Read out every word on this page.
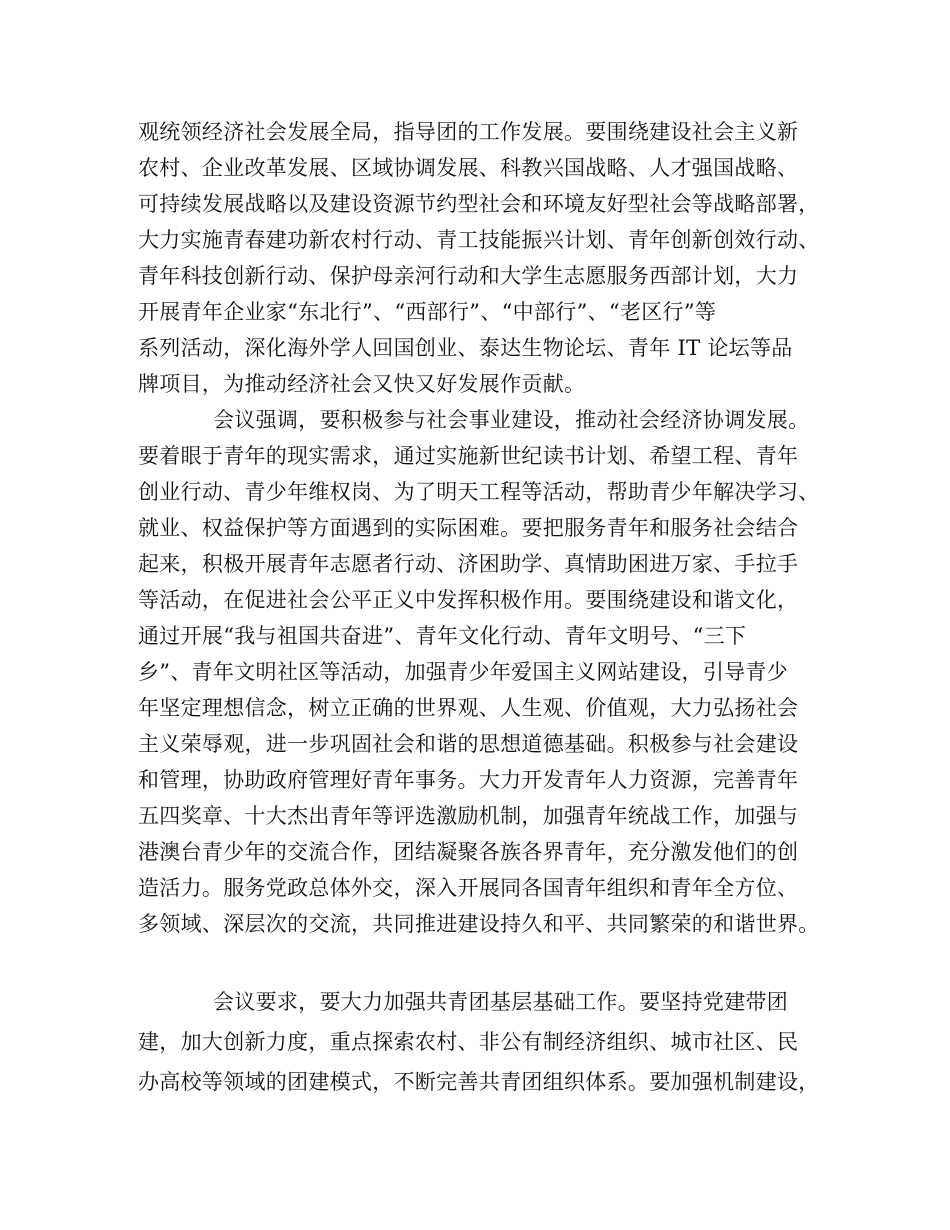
观统领经济社会发展全局，指导团的工作发展。要围绕建设社会主义新
农村、企业改革发展、区域协调发展、科教兴国战略、人才强国战略、
可持续发展战略以及建设资源节约型社会和环境友好型社会等战略部署，
大力实施青春建功新农村行动、青工技能振兴计划、青年创新创效行动、
青年科技创新行动、保护母亲河行动和大学生志愿服务西部计划，大力
开展青年企业家“东北行”、“西部行”、“中部行”、“老区行”等
系列活动，深化海外学人回国创业、泰达生物论坛、青年 IT 论坛等品
牌项目，为推动经济社会又快又好发展作贡献。
会议强调，要积极参与社会事业建设，推动社会经济协调发展。
要着眼于青年的现实需求，通过实施新世纪读书计划、希望工程、青年
创业行动、青少年维权岗、为了明天工程等活动，帮助青少年解决学习、
就业、权益保护等方面遇到的实际困难。要把服务青年和服务社会结合
起来，积极开展青年志愿者行动、济困助学、真情助困进万家、手拉手
等活动，在促进社会公平正义中发挥积极作用。要围绕建设和谐文化，
通过开展“我与祖国共奋进”、青年文化行动、青年文明号、“三下
乡”、青年文明社区等活动，加强青少年爱国主义网站建设，引导青少
年坚定理想信念，树立正确的世界观、人生观、价值观，大力弘扬社会
主义荣辱观，进一步巩固社会和谐的思想道德基础。积极参与社会建设
和管理，协助政府管理好青年事务。大力开发青年人力资源，完善青年
五四奖章、十大杰出青年等评选激励机制，加强青年统战工作，加强与
港澳台青少年的交流合作，团结凝聚各族各界青年，充分激发他们的创
造活力。服务党政总体外交，深入开展同各国青年组织和青年全方位、
多领域、深层次的交流，共同推进建设持久和平、共同繁荣的和谐世界。
会议要求，要大力加强共青团基层基础工作。要坚持党建带团
建，加大创新力度，重点探索农村、非公有制经济组织、城市社区、民
办高校等领域的团建模式，不断完善共青团组织体系。要加强机制建设，
